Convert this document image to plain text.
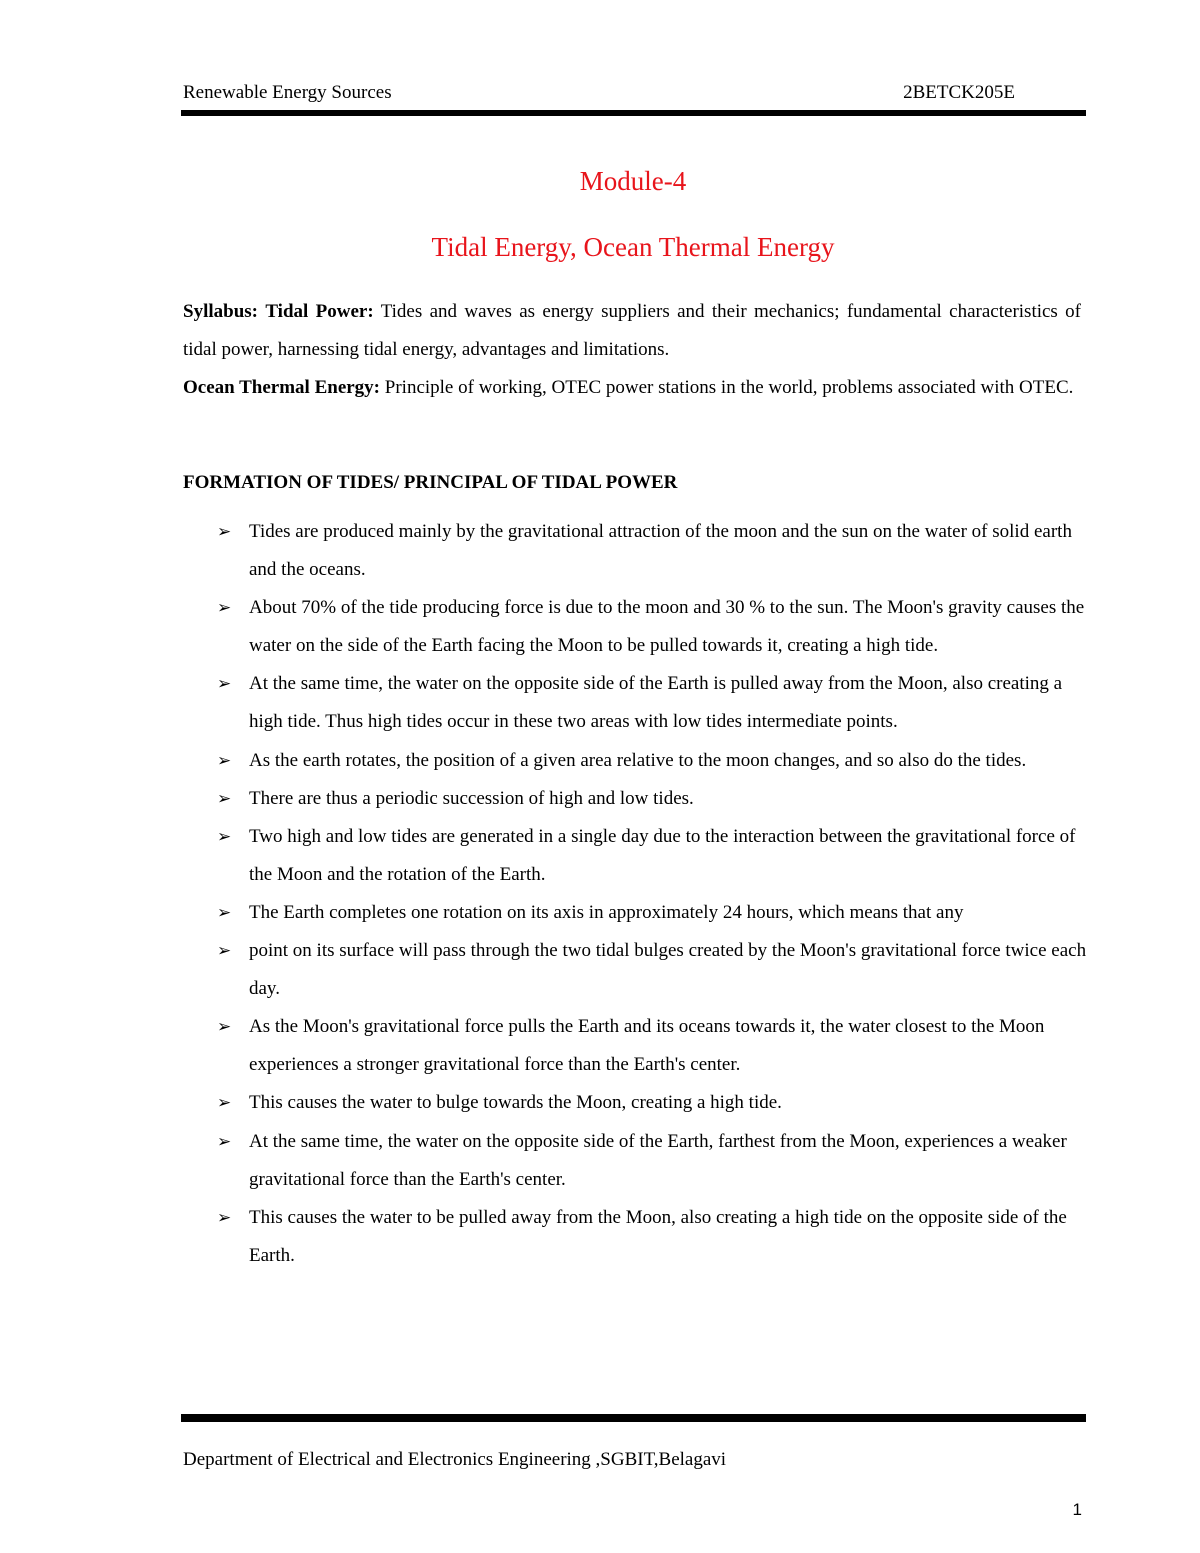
Renewable Energy Sources	2BETCK205E
Module-4
Tidal Energy, Ocean Thermal Energy

Syllabus: Tidal Power: Tides and waves as energy suppliers and their mechanics; fundamental characteristics of tidal power, harnessing tidal energy, advantages and limitations.

Ocean Thermal Energy: Principle of working, OTEC power stations in the world, problems associated with OTEC.

FORMATION OF TIDES/ PRINCIPAL OF TIDAL POWER
➢ Tides are produced mainly by the gravitational attraction of the moon and the sun on the water of solid earth and the oceans.
➢ About 70% of the tide producing force is due to the moon and 30 % to the sun. The Moon's gravity causes the water on the side of the Earth facing the Moon to be pulled towards it, creating a high tide.
➢ At the same time, the water on the opposite side of the Earth is pulled away from the Moon, also creating a high tide. Thus high tides occur in these two areas with low tides intermediate points.
➢ As the earth rotates, the position of a given area relative to the moon changes, and so also do the tides.
➢ There are thus a periodic succession of high and low tides.
➢ Two high and low tides are generated in a single day due to the interaction between the gravitational force of the Moon and the rotation of the Earth.
➢ The Earth completes one rotation on its axis in approximately 24 hours, which means that any
➢ point on its surface will pass through the two tidal bulges created by the Moon's gravitational force twice each day.
➢ As the Moon's gravitational force pulls the Earth and its oceans towards it, the water closest to the Moon experiences a stronger gravitational force than the Earth's center.
➢ This causes the water to bulge towards the Moon, creating a high tide.
➢ At the same time, the water on the opposite side of the Earth, farthest from the Moon, experiences a weaker gravitational force than the Earth's center.
➢ This causes the water to be pulled away from the Moon, also creating a high tide on the opposite side of the Earth.
Department of Electrical and Electronics Engineering ,SGBIT,Belagavi
1
